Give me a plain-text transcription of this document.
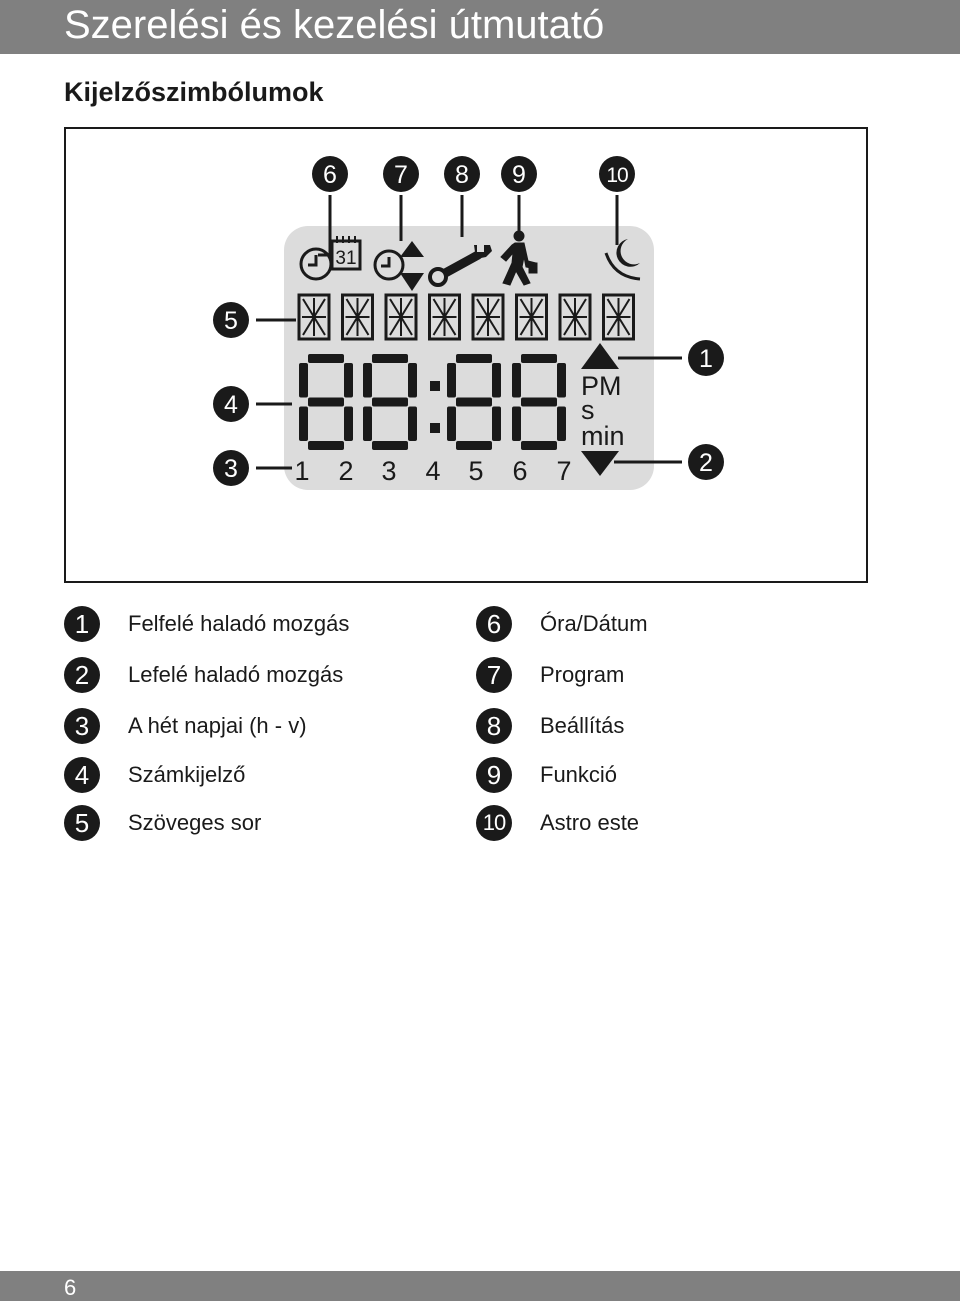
Szerelési és kezelési útmutató
Kijelzőszimbólumok
6 7 8 9	10
5
4
3
1
2
31
PM
s
min
1 2 3 4 5 6 7
1	Felfelé haladó mozgás
2	Lefelé haladó mozgás
3	A hét napjai (h - v)
4	Számkijelző
5	Szöveges sor
6	Óra/Dátum
7	Program
8	Beállítás
9	Funkció
10	Astro este
6
